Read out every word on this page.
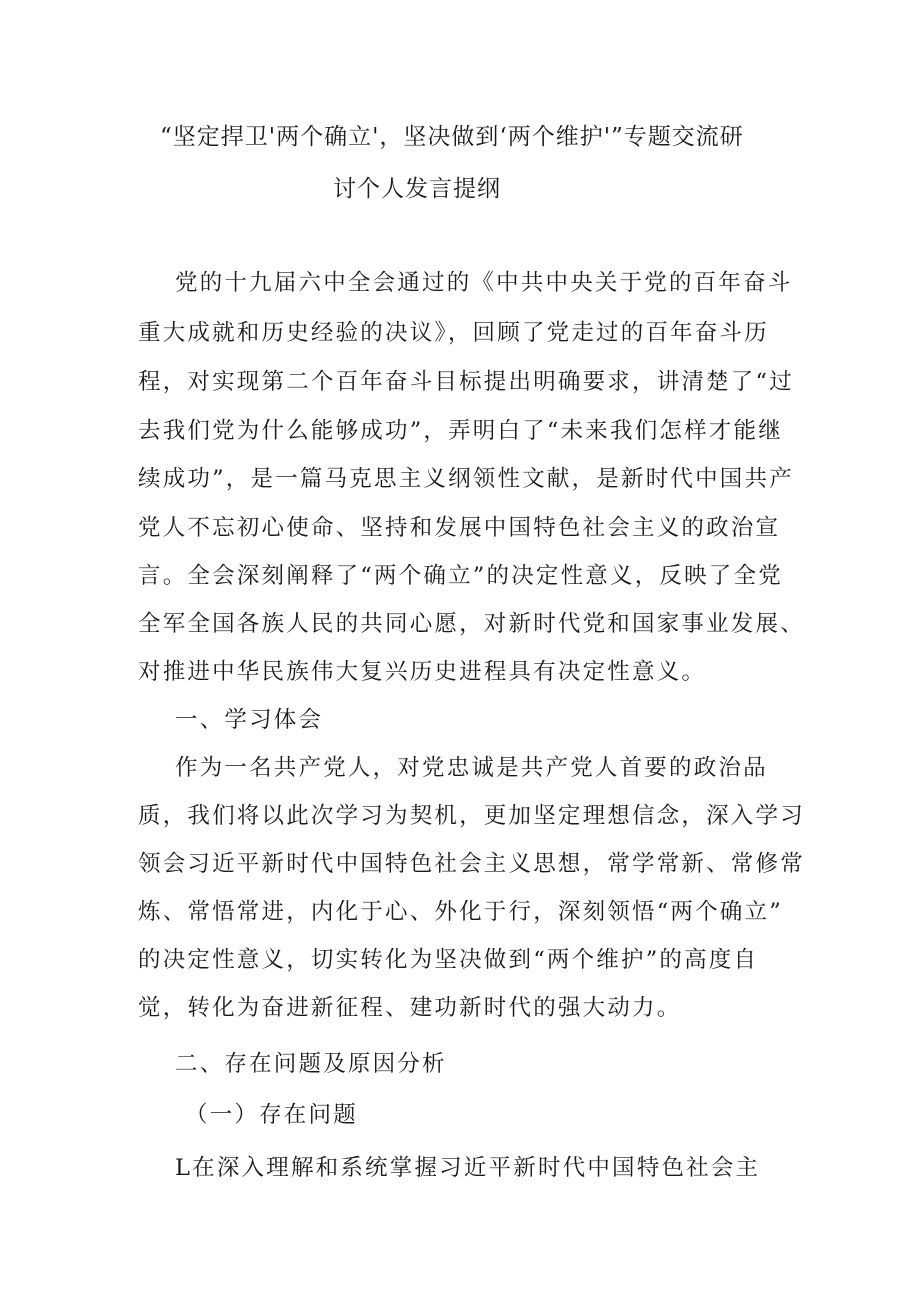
“坚定捍卫'两个确立'，坚决做到‘两个维护'”专题交流研
讨个人发言提纲
党的十九届六中全会通过的《中共中央关于党的百年奋斗
重大成就和历史经验的决议》，回顾了党走过的百年奋斗历
程，对实现第二个百年奋斗目标提出明确要求，讲清楚了“过
去我们党为什么能够成功”，弄明白了“未来我们怎样才能继
续成功”，是一篇马克思主义纲领性文献，是新时代中国共产
党人不忘初心使命、坚持和发展中国特色社会主义的政治宣
言。全会深刻阐释了“两个确立”的决定性意义，反映了全党
全军全国各族人民的共同心愿，对新时代党和国家事业发展、
对推进中华民族伟大复兴历史进程具有决定性意义。
一、学习体会
作为一名共产党人，对党忠诚是共产党人首要的政治品
质，我们将以此次学习为契机，更加坚定理想信念，深入学习
领会习近平新时代中国特色社会主义思想，常学常新、常修常
炼、常悟常进，内化于心、外化于行，深刻领悟“两个确立”
的决定性意义，切实转化为坚决做到“两个维护”的高度自
觉，转化为奋进新征程、建功新时代的强大动力。
二、存在问题及原因分析
（一）存在问题
L在深入理解和系统掌握习近平新时代中国特色社会主
